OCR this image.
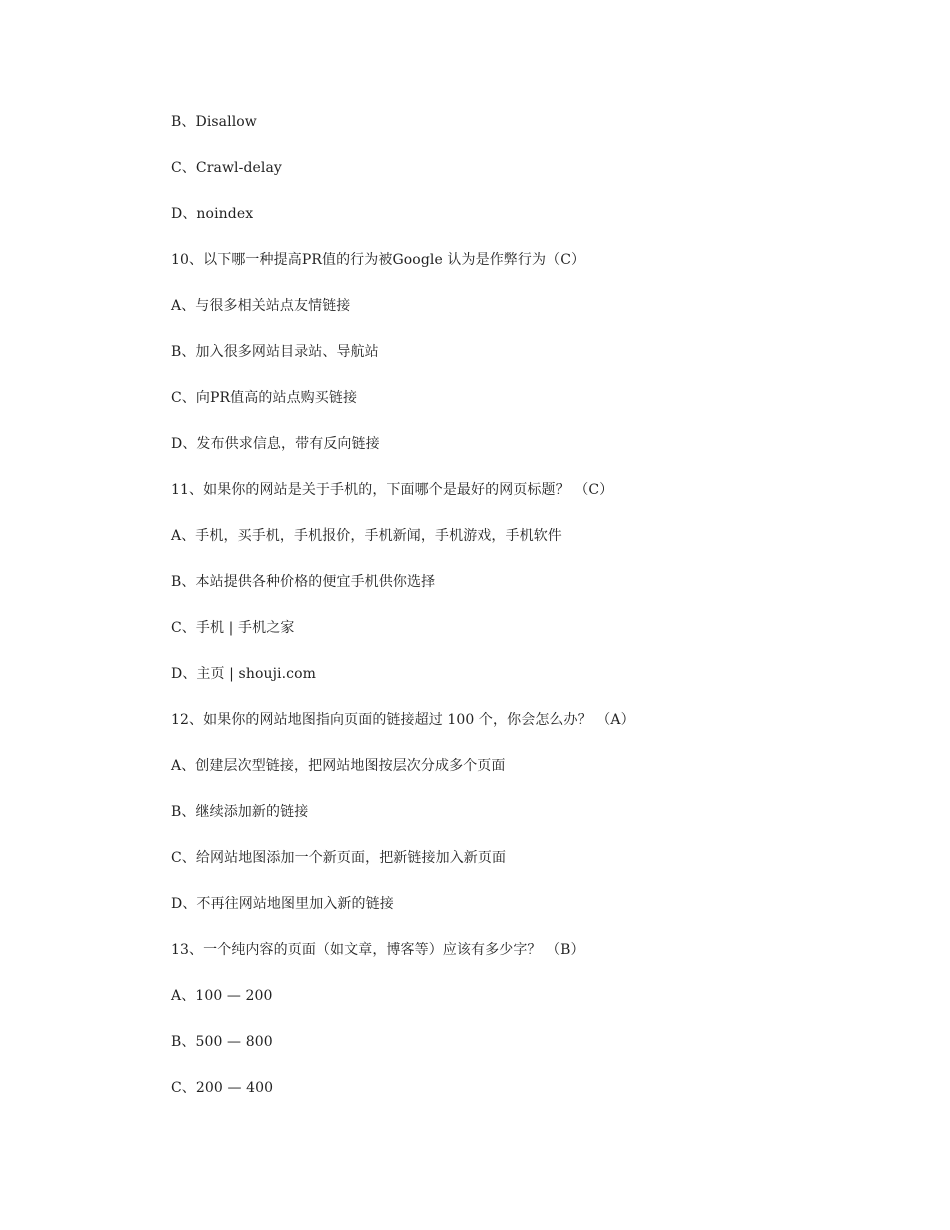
B、Disallow
C、Crawl-delay
D、noindex
10、以下哪一种提高PR值的行为被Google 认为是作弊行为（C）
A、与很多相关站点友情链接
B、加入很多网站目录站、导航站
C、向PR值高的站点购买链接
D、发布供求信息，带有反向链接
11、如果你的网站是关于手机的，下面哪个是最好的网页标题？ （C）
A、手机，买手机，手机报价，手机新闻，手机游戏，手机软件
B、本站提供各种价格的便宜手机供你选择
C、手机 | 手机之家
D、主页 | shouji.com
12、如果你的网站地图指向页面的链接超过 100 个，你会怎么办？ （A）
A、创建层次型链接，把网站地图按层次分成多个页面
B、继续添加新的链接
C、给网站地图添加一个新页面，把新链接加入新页面
D、不再往网站地图里加入新的链接
13、一个纯内容的页面（如文章，博客等）应该有多少字？ （B）
A、100 — 200
B、500 — 800
C、200 — 400
